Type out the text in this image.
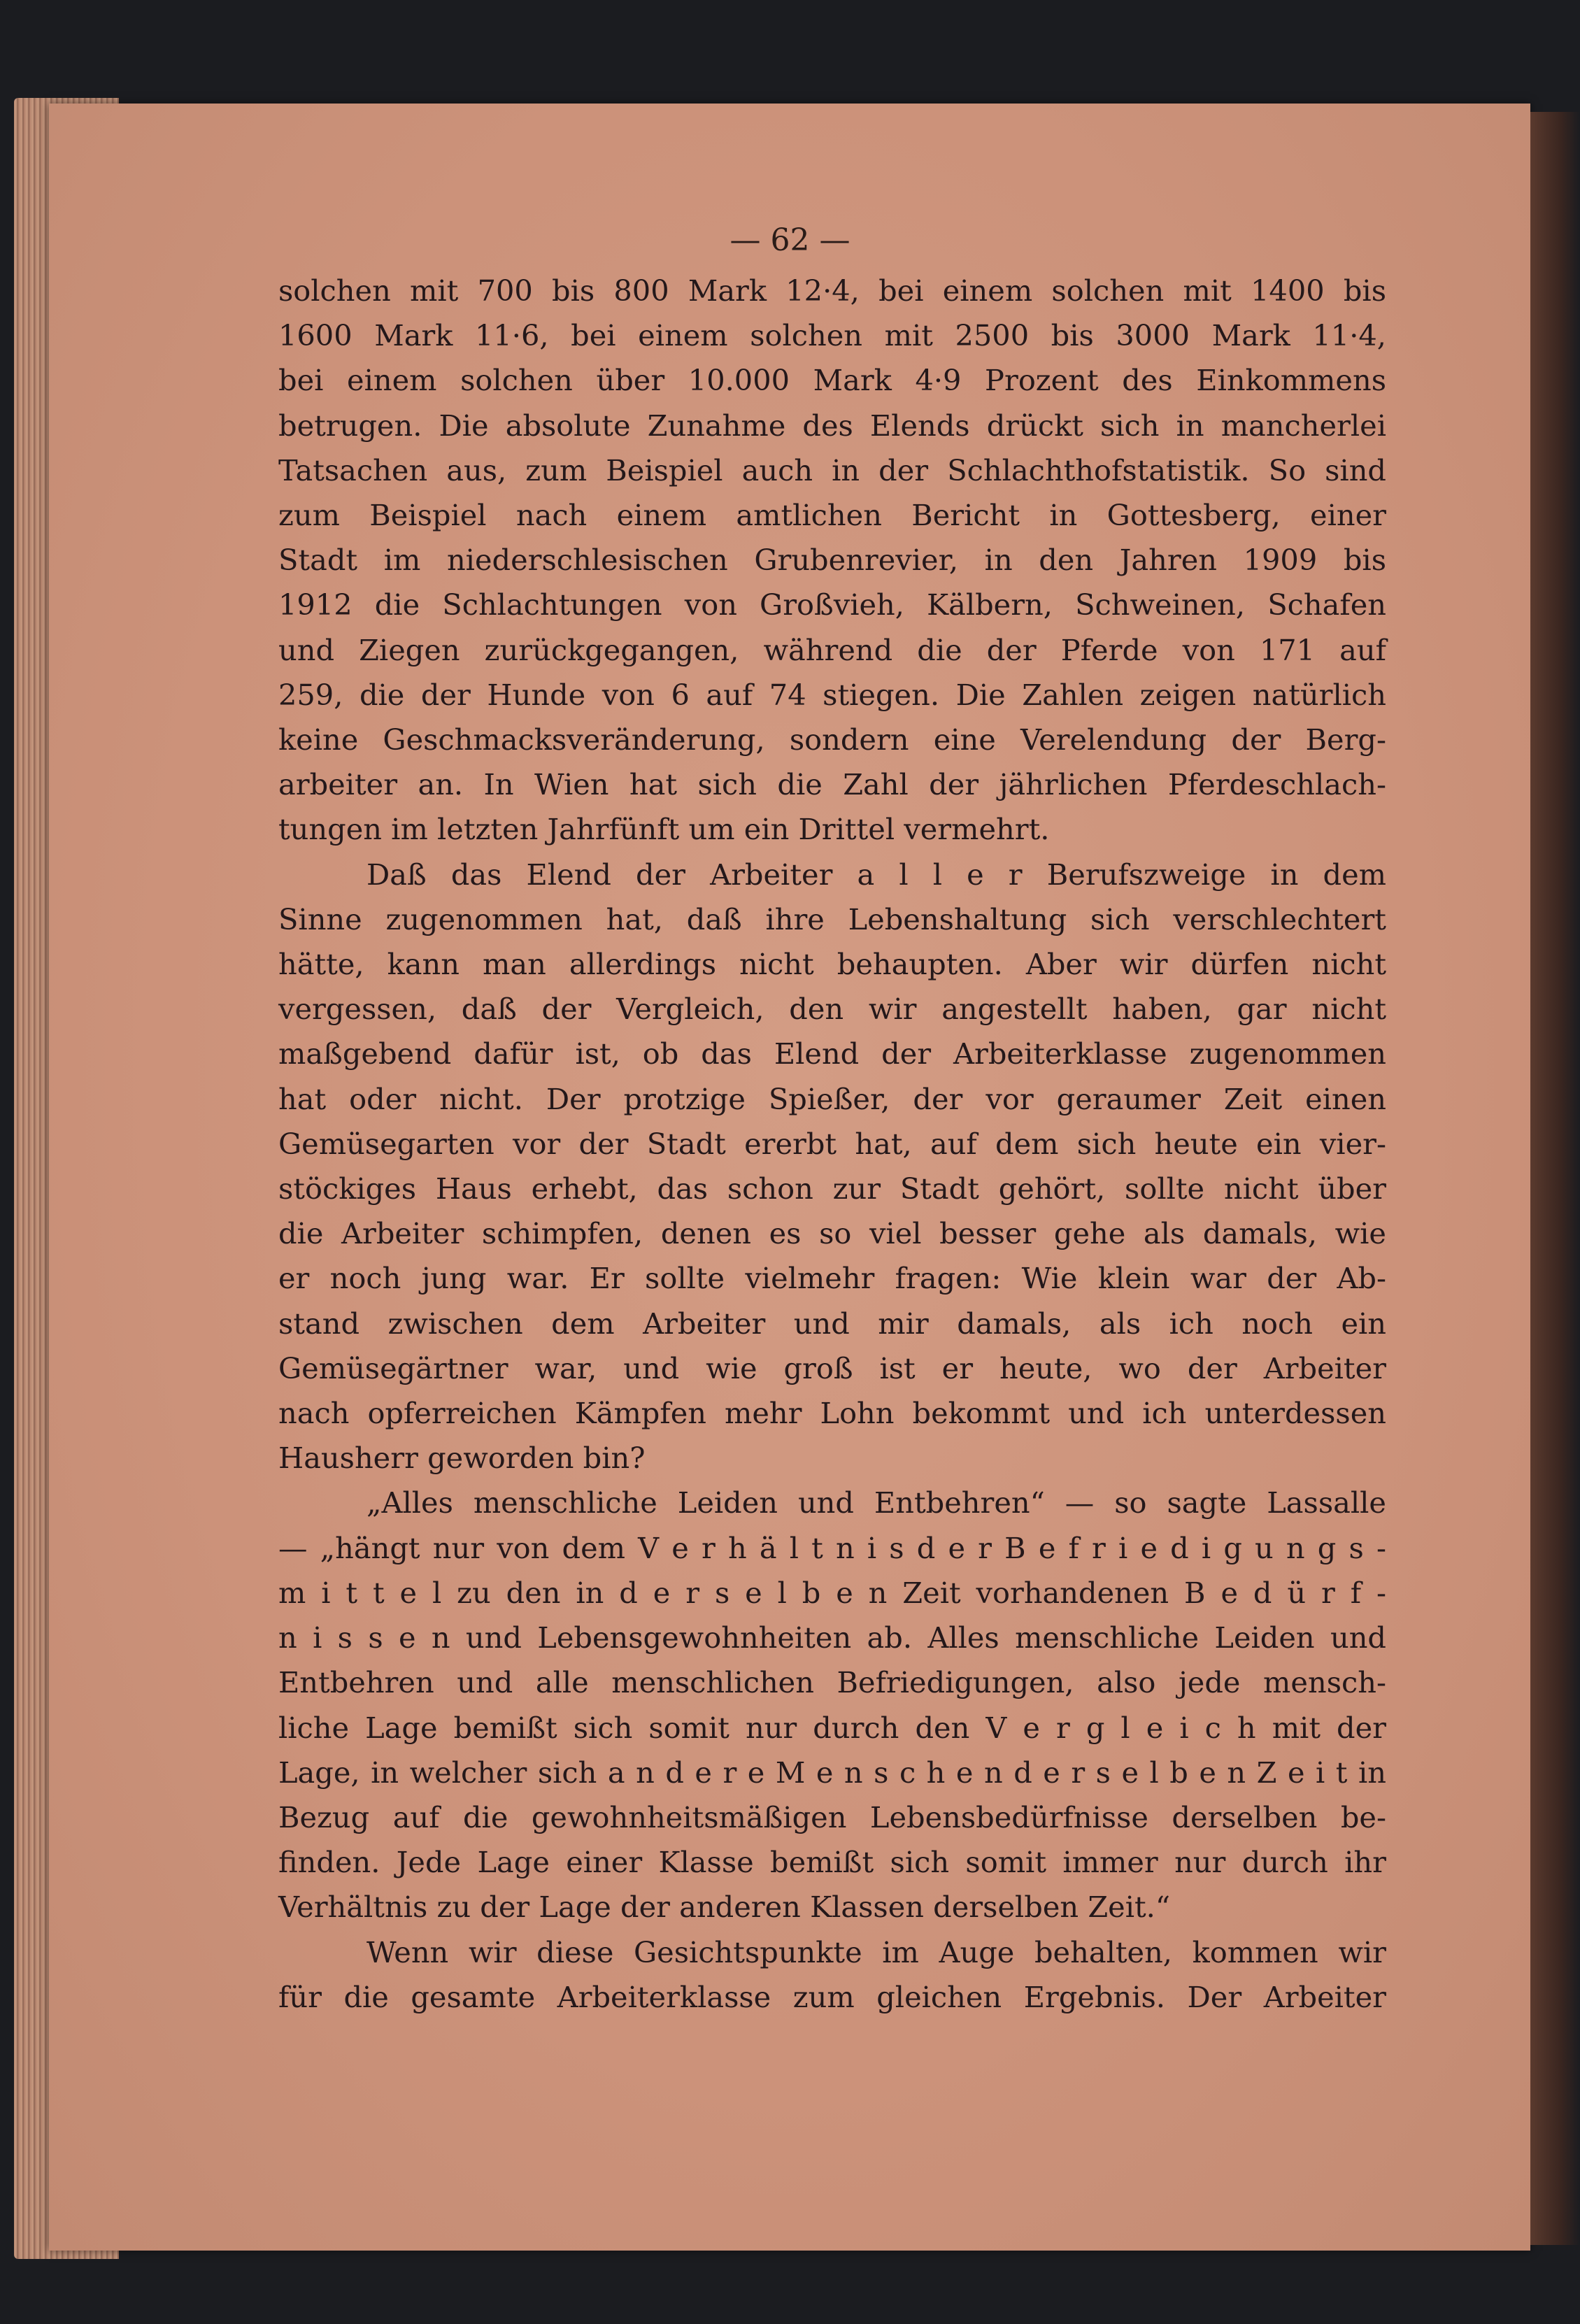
— 62 —
solchen mit 700 bis 800 Mark 12·4, bei einem solchen mit 1400 bis
1600 Mark 11·6, bei einem solchen mit 2500 bis 3000 Mark 11·4,
bei einem solchen über 10.000 Mark 4·9 Prozent des Einkommens
betrugen. Die absolute Zunahme des Elends drückt sich in mancherlei
Tatsachen aus, zum Beispiel auch in der Schlachthofstatistik. So sind
zum Beispiel nach einem amtlichen Bericht in Gottesberg, einer
Stadt im niederschlesischen Grubenrevier, in den Jahren 1909 bis
1912 die Schlachtungen von Großvieh, Kälbern, Schweinen, Schafen
und Ziegen zurückgegangen, während die der Pferde von 171 auf
259, die der Hunde von 6 auf 74 stiegen. Die Zahlen zeigen natürlich
keine Geschmacksveränderung, sondern eine Verelendung der Berg-
arbeiter an. In Wien hat sich die Zahl der jährlichen Pferdeschlach-
tungen im letzten Jahrfünft um ein Drittel vermehrt.
Daß das Elend der Arbeiter a l l e r Berufszweige in dem
Sinne zugenommen hat, daß ihre Lebenshaltung sich verschlechtert
hätte, kann man allerdings nicht behaupten. Aber wir dürfen nicht
vergessen, daß der Vergleich, den wir angestellt haben, gar nicht
maßgebend dafür ist, ob das Elend der Arbeiterklasse zugenommen
hat oder nicht. Der protzige Spießer, der vor geraumer Zeit einen
Gemüsegarten vor der Stadt ererbt hat, auf dem sich heute ein vier-
stöckiges Haus erhebt, das schon zur Stadt gehört, sollte nicht über
die Arbeiter schimpfen, denen es so viel besser gehe als damals, wie
er noch jung war. Er sollte vielmehr fragen: Wie klein war der Ab-
stand zwischen dem Arbeiter und mir damals, als ich noch ein
Gemüsegärtner war, und wie groß ist er heute, wo der Arbeiter
nach opferreichen Kämpfen mehr Lohn bekommt und ich unterdessen
Hausherr geworden bin?
„Alles menschliche Leiden und Entbehren“ — so sagte Lassalle
— „hängt nur von dem V e r h ä l t n i s d e r B e f r i e d i g u n g s -
m i t t e l zu den in d e r s e l b e n Zeit vorhandenen B e d ü r f -
n i s s e n und Lebensgewohnheiten ab. Alles menschliche Leiden und
Entbehren und alle menschlichen Befriedigungen, also jede mensch-
liche Lage bemißt sich somit nur durch den V e r g l e i c h mit der
Lage, in welcher sich a n d e r e M e n s c h e n d e r s e l b e n Z e i t in
Bezug auf die gewohnheitsmäßigen Lebensbedürfnisse derselben be-
finden. Jede Lage einer Klasse bemißt sich somit immer nur durch ihr
Verhältnis zu der Lage der anderen Klassen derselben Zeit.“
Wenn wir diese Gesichtspunkte im Auge behalten, kommen wir
für die gesamte Arbeiterklasse zum gleichen Ergebnis. Der Arbeiter
